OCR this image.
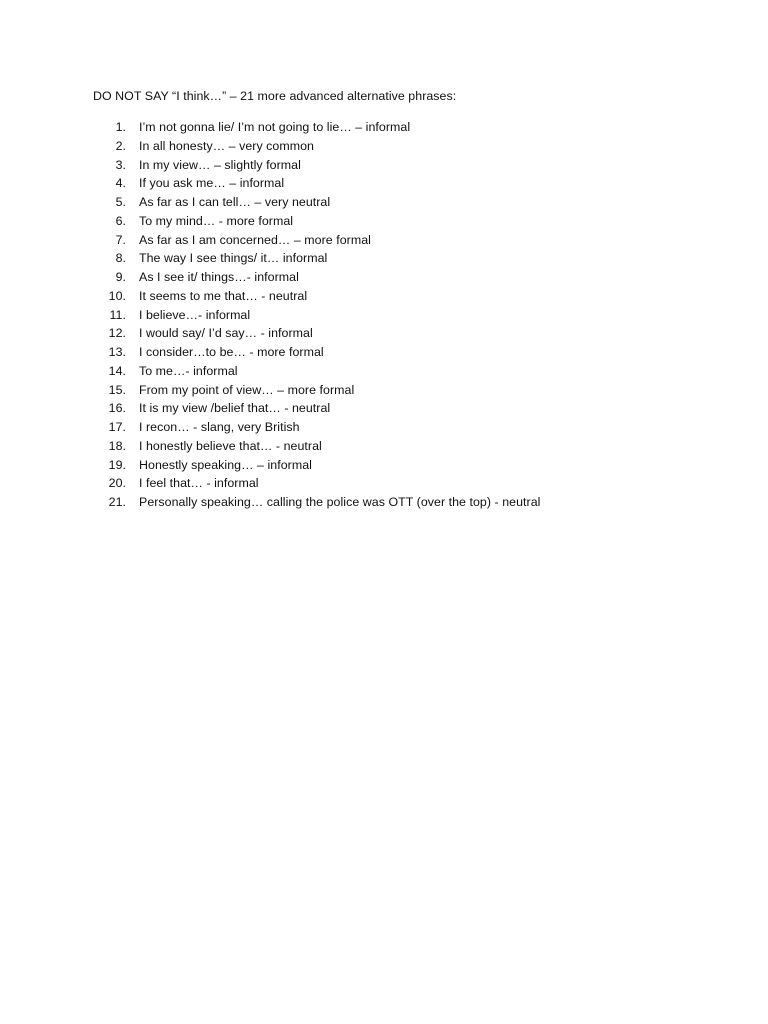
DO NOT SAY “I think…” – 21 more advanced alternative phrases:
1. I’m not gonna lie/ I’m not going to lie… – informal
2. In all honesty… – very common
3. In my view… – slightly formal
4. If you ask me… – informal
5. As far as I can tell… – very neutral
6. To my mind… - more formal
7. As far as I am concerned… – more formal
8. The way I see things/ it… informal
9. As I see it/ things…- informal
10. It seems to me that… - neutral
11. I believe…- informal
12. I would say/ I’d say… - informal
13. I consider…to be… - more formal
14. To me…- informal
15. From my point of view… – more formal
16. It is my view /belief that… - neutral
17. I recon… - slang, very British
18. I honestly believe that… - neutral
19. Honestly speaking… – informal
20. I feel that… - informal
21. Personally speaking… calling the police was OTT (over the top) - neutral
